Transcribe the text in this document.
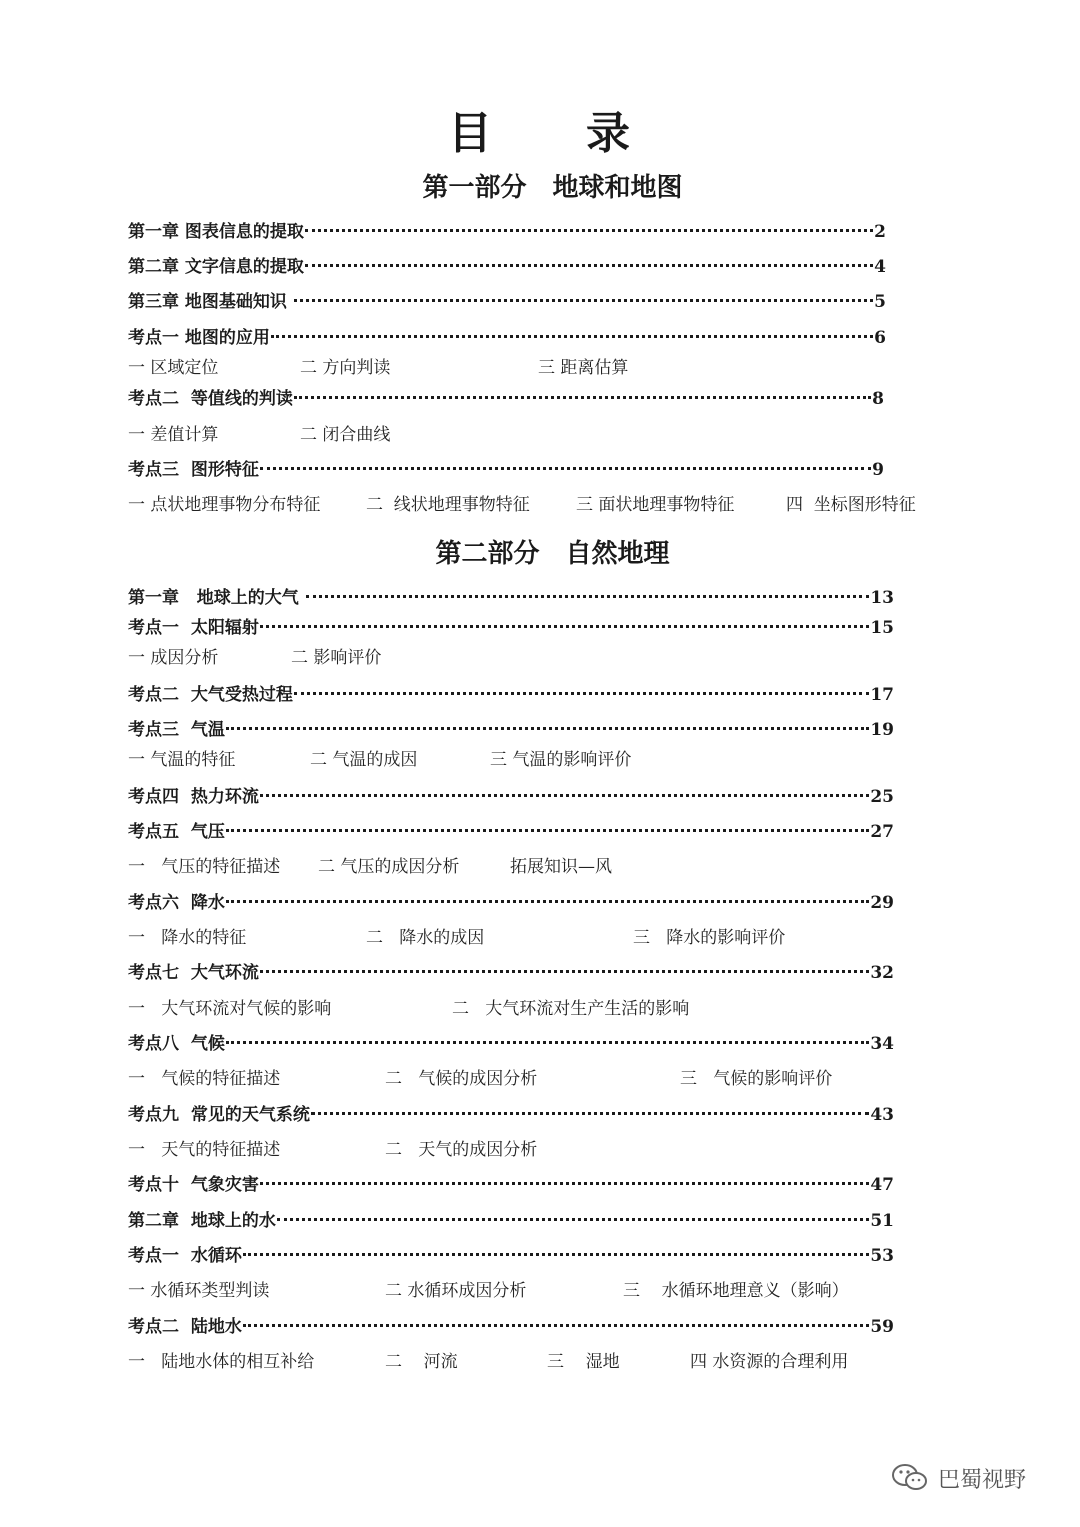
目　　录
第一部分　地球和地图
第一章 图表信息的提取	2
第二章 文字信息的提取	4
第三章 地图基础知识	5
考点一 地图的应用	6
一 区域定位	二 方向判读	三 距离估算
考点二  等值线的判读	8
一 差值计算	二 闭合曲线
考点三  图形特征	9
一 点状地理事物分布特征	二  线状地理事物特征	三 面状地理事物特征	四  坐标图形特征
第二部分　自然地理
第一章   地球上的大气	13
考点一  太阳辐射	15
一 成因分析	二 影响评价
考点二  大气受热过程	17
考点三  气温	19
一 气温的特征	二 气温的成因	三 气温的影响评价
考点四  热力环流	25
考点五  气压	27
一   气压的特征描述 二 气压的成因分析	拓展知识—风
考点六  降水	29
一   降水的特征	二   降水的成因	三   降水的影响评价
考点七  大气环流	32
一   大气环流对气候的影响	二   大气环流对生产生活的影响
考点八  气候	34
一   气候的特征描述	二   气候的成因分析	三   气候的影响评价
考点九  常见的天气系统	43
一   天气的特征描述	二   天气的成因分析
考点十  气象灾害	47
第二章  地球上的水	51
考点一  水循环	53
一 水循环类型判读	二 水循环成因分析	三    水循环地理意义（影响）
考点二  陆地水	59
一   陆地水体的相互补给	二    河流	三    湿地	四 水资源的合理利用
巴蜀视野
